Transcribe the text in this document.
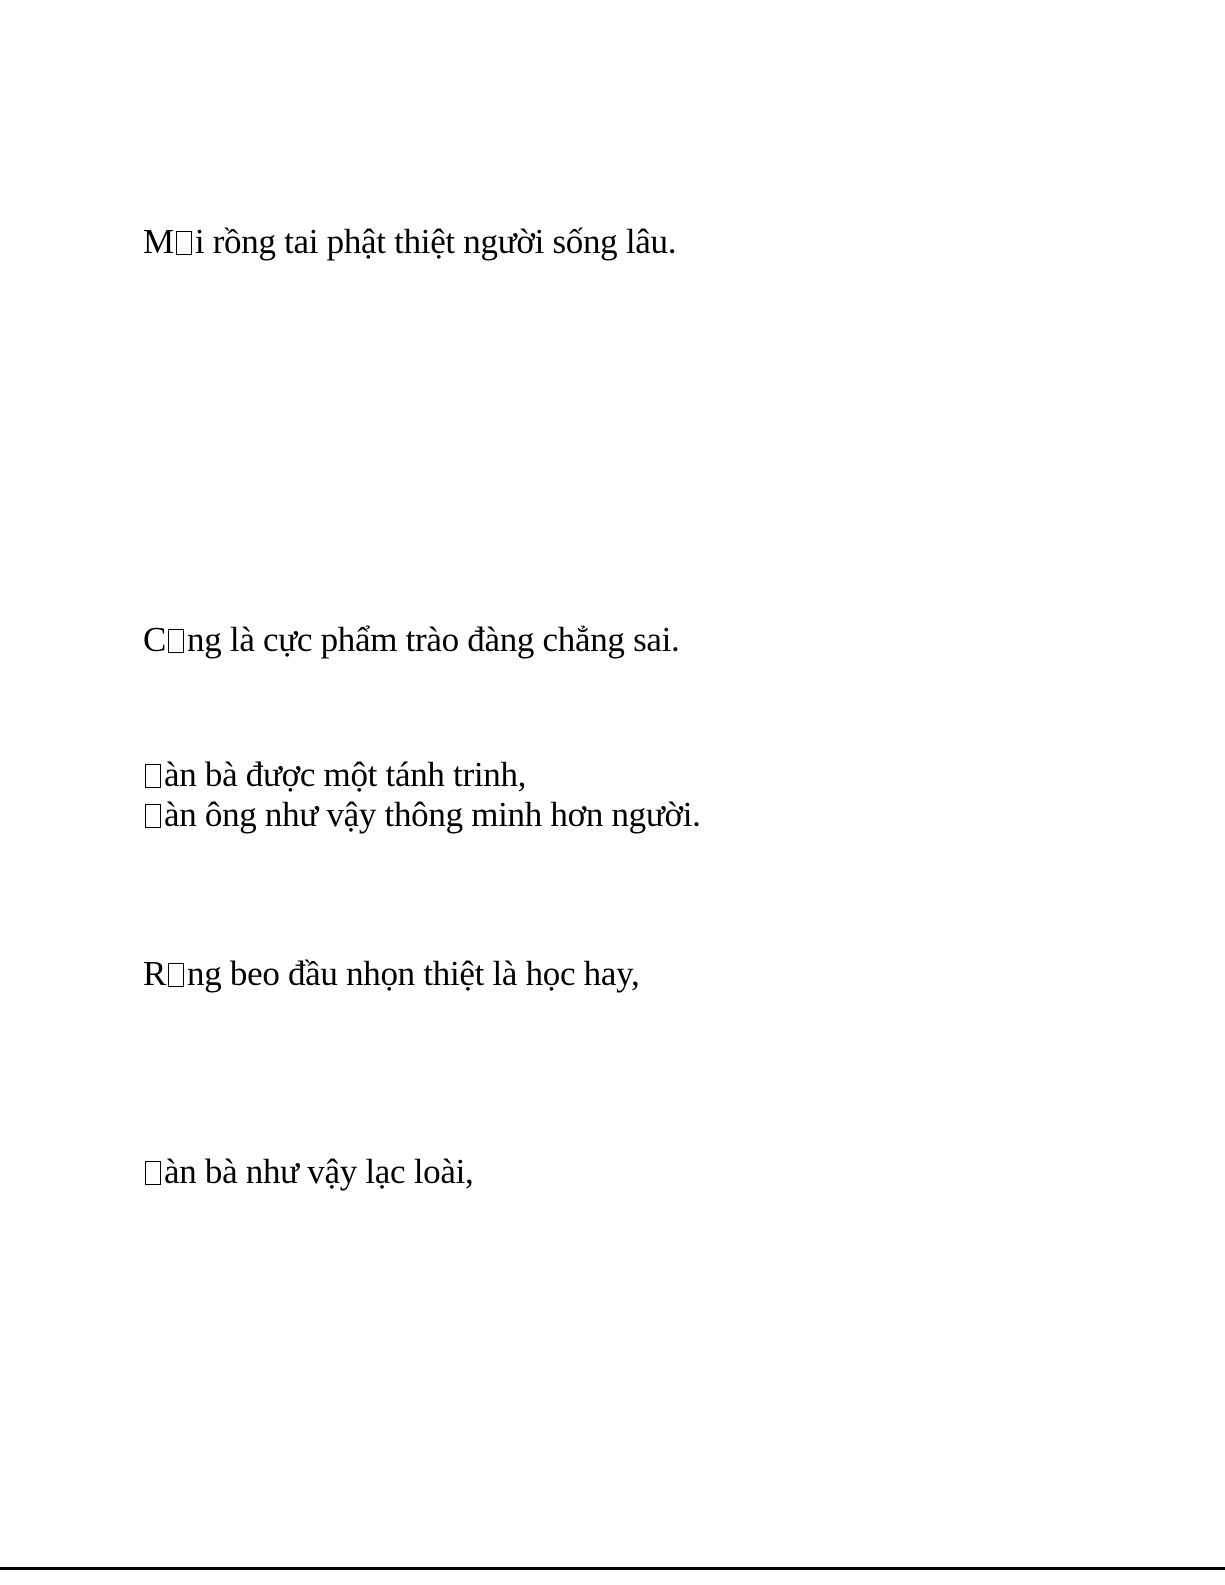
M i rồng tai phật thiệt người sống lâu.
C ng là cực phẩm trào đàng chẳng sai.
àn bà được một tánh trinh,
àn ông như vậy thông minh hơn người.
R ng beo đầu nhọn thiệt là học hay,
àn bà như vậy lạc loài,
